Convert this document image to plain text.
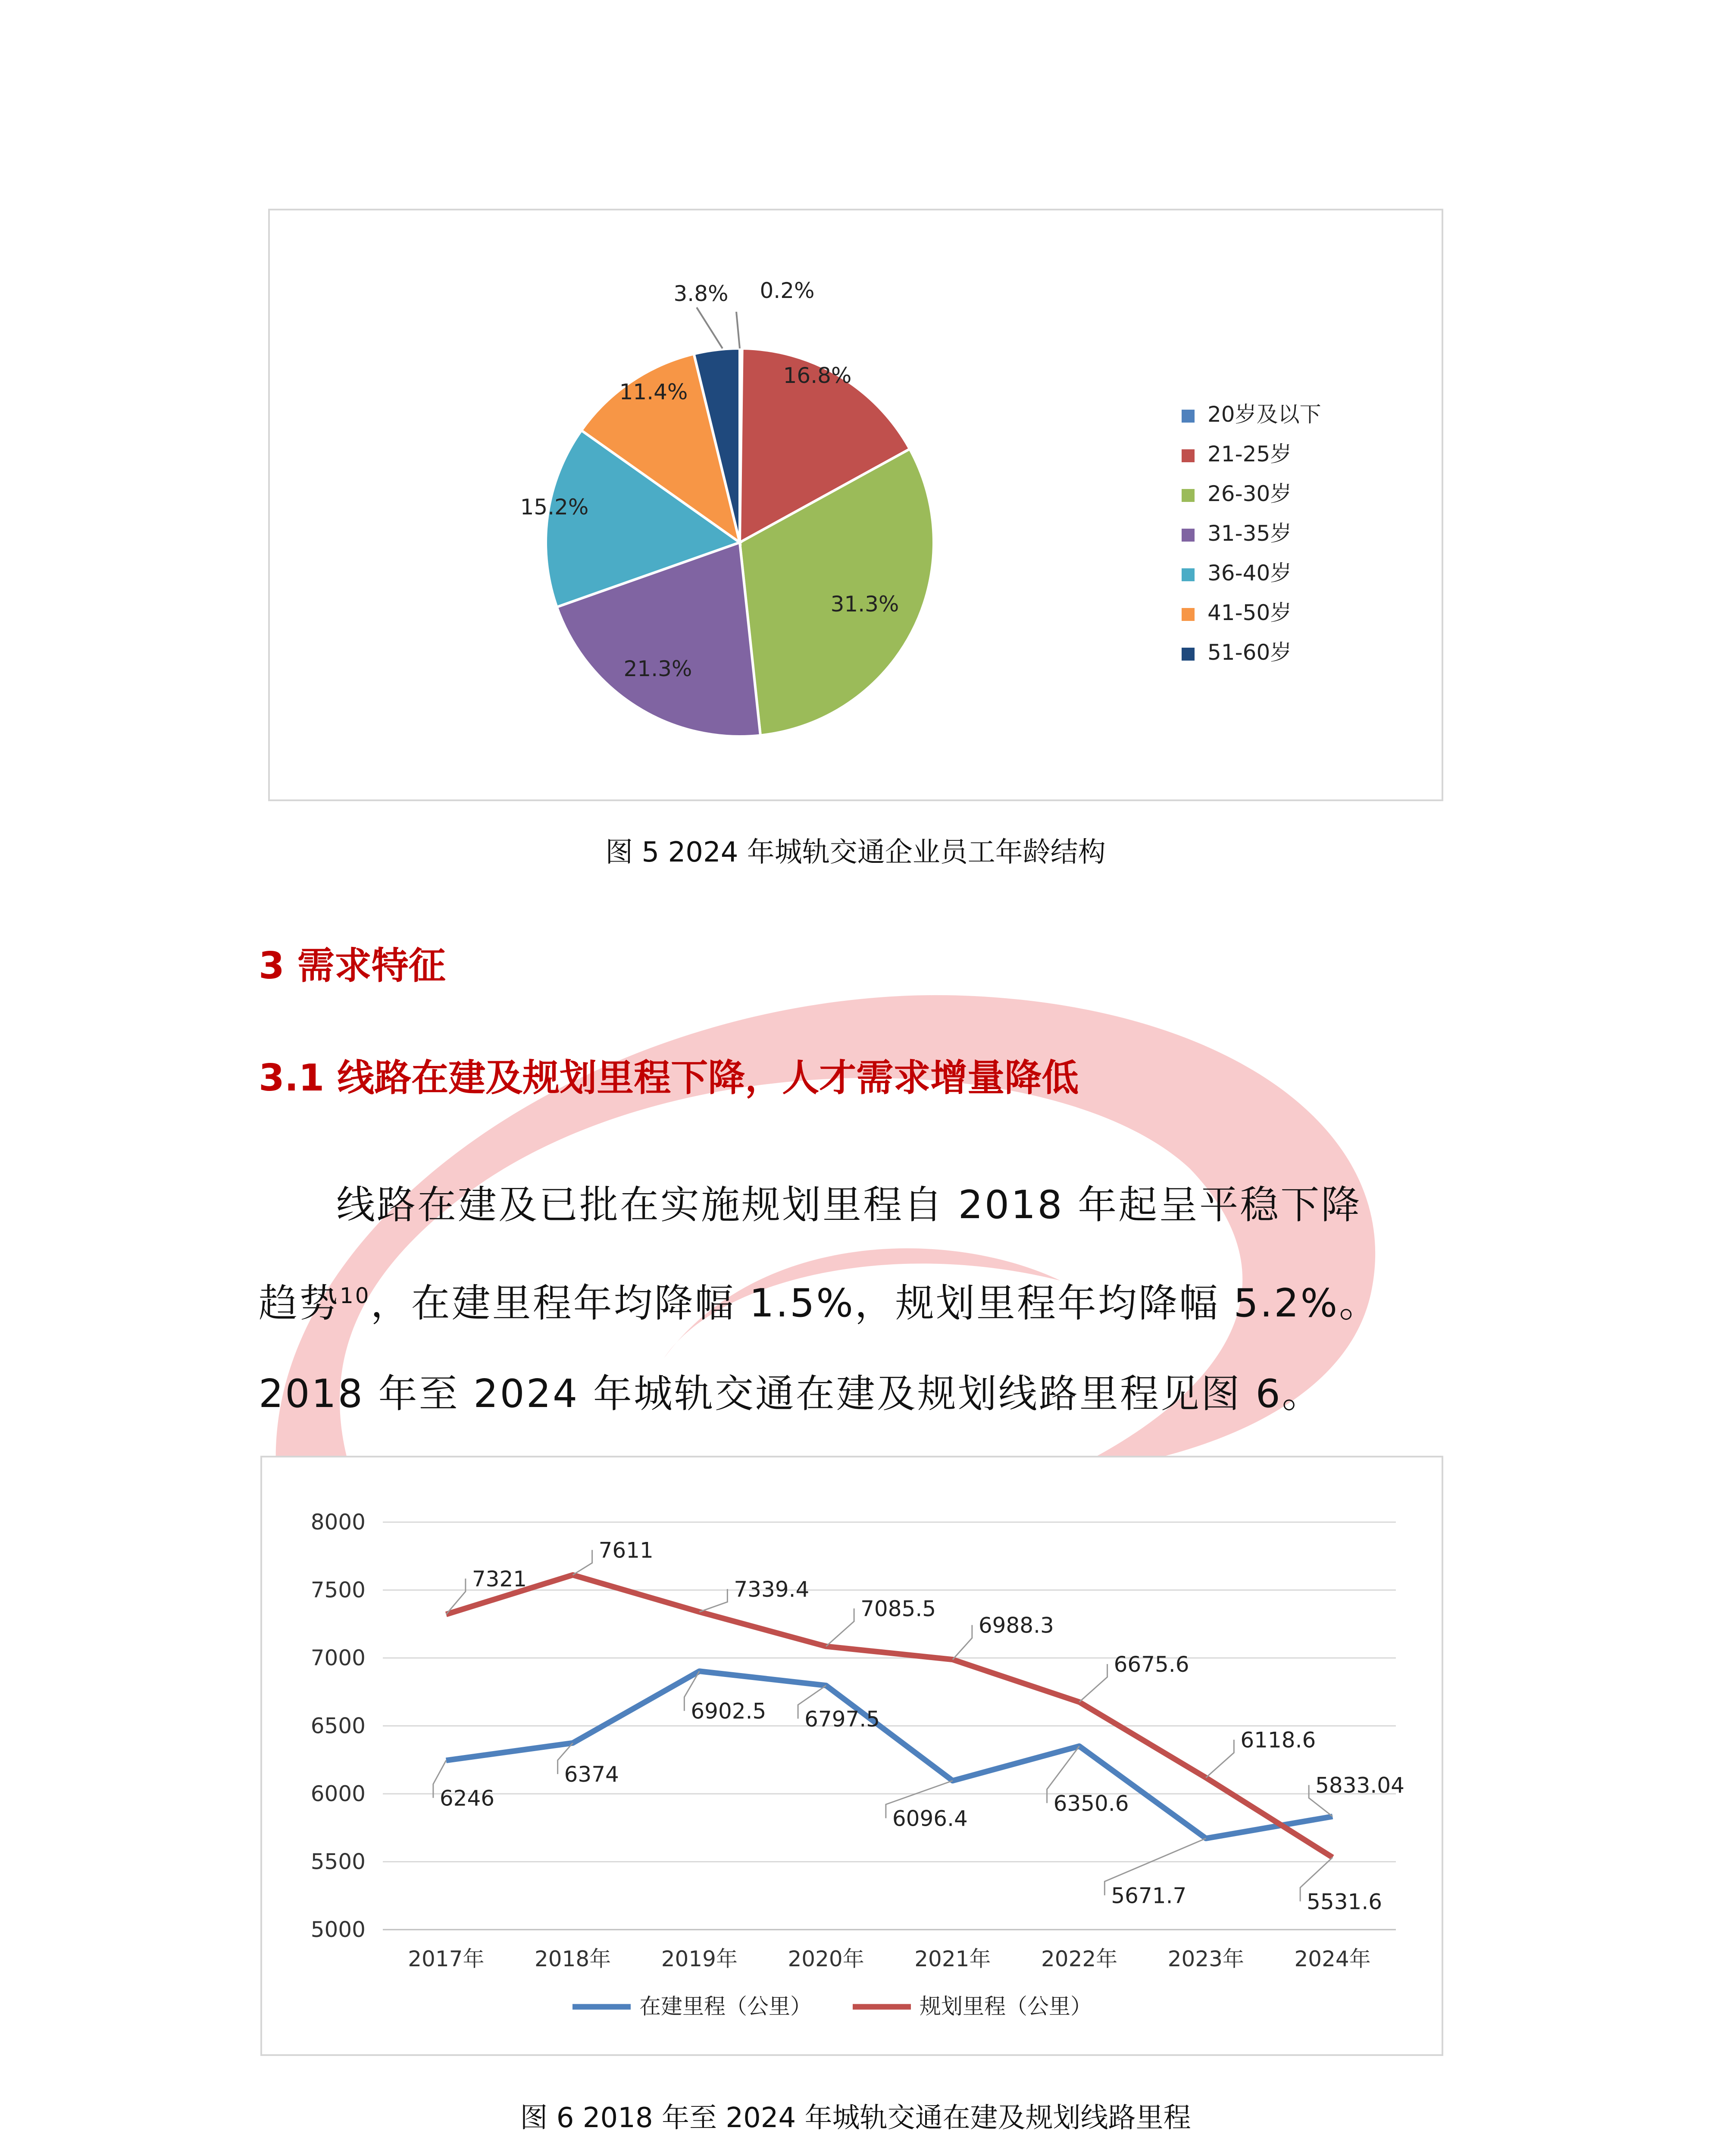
0.2%
16.8%
31.3%
21.3%
15.2%
11.4%
3.8%
20岁及以下
21-25岁
26-30岁
31-35岁
36-40岁
41-50岁
51-60岁
图 5 2024 年城轨交通企业员工年龄结构
3 需求特征
3.1 线路在建及规划里程下降，人才需求增量降低

线路在建及已批在实施规划里程自 2018 年起呈平稳下降

趋势$^{10}$，在建里程年均降幅 1.5%，规划里程年均降幅 5.2%。

2018 年至 2024 年城轨交通在建及规划线路里程见图 6。

5000
5500
6000
6500
7000
7500
8000
2017年 2018年 2019年 2020年 2021年 2022年 2023年 2024年
6246
6374
6902.5 6797.5
6096.4
6350.6
5671.7
5833.04
7321
7611
7339.4
7085.5
6988.3
6675.6
6118.6
5531.6
在建里程（公里）	规划里程（公里）
图 6 2018 年至 2024 年城轨交通在建及规划线路里程
